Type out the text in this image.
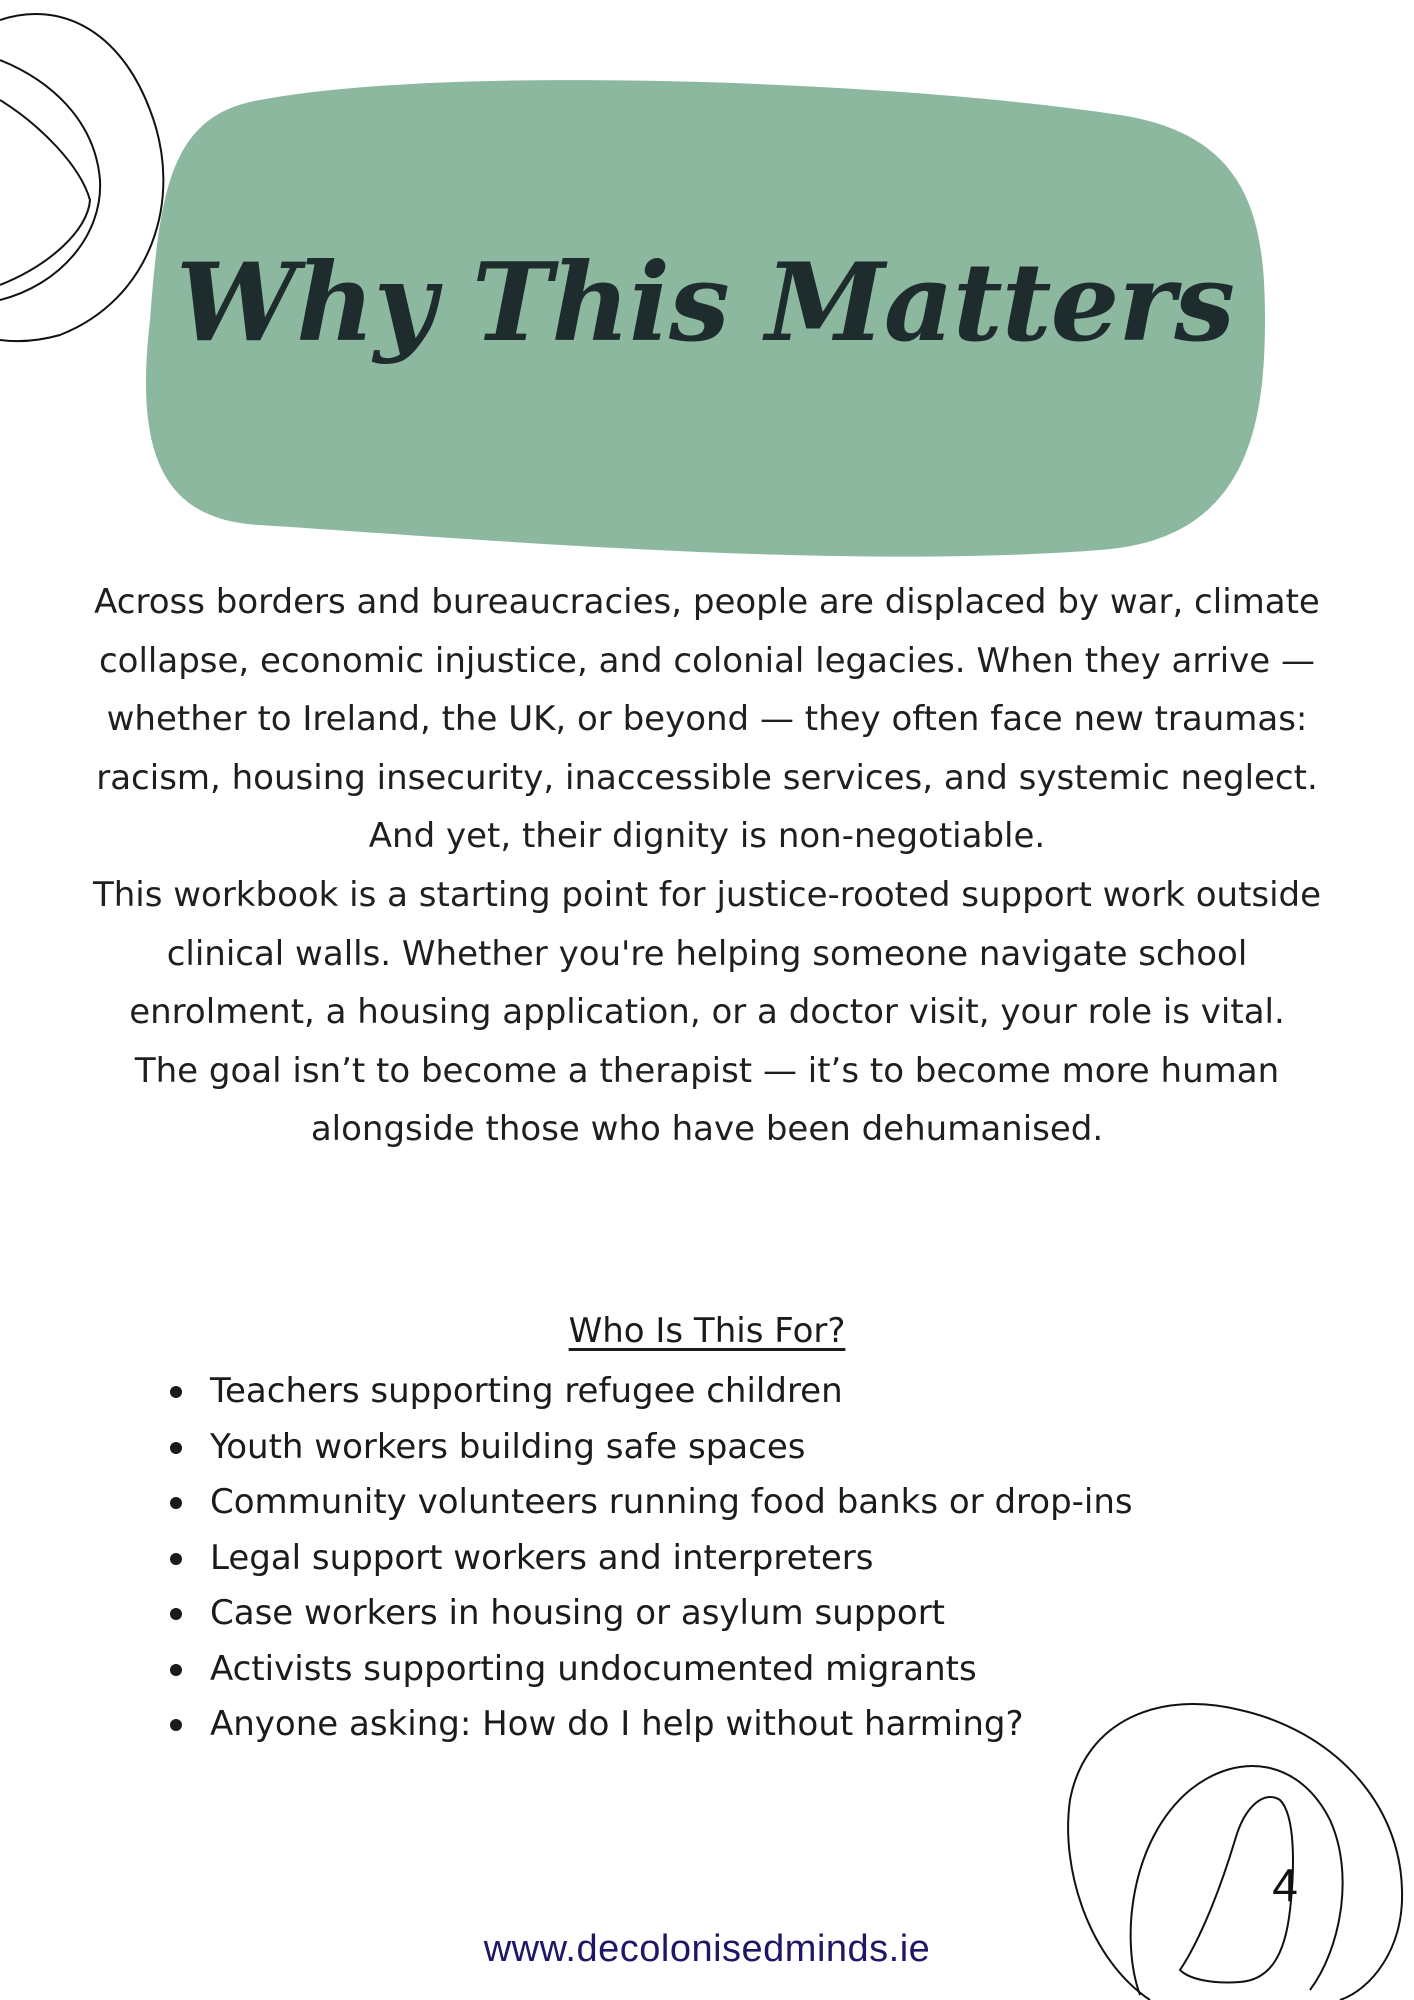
Why This Matters

Across borders and bureaucracies, people are displaced by war, climate collapse, economic injustice, and colonial legacies. When they arrive — whether to Ireland, the UK, or beyond — they often face new traumas: racism, housing insecurity, inaccessible services, and systemic neglect.

And yet, their dignity is non-negotiable.

This workbook is a starting point for justice-rooted support work outside clinical walls. Whether you're helping someone navigate school enrolment, a housing application, or a doctor visit, your role is vital.

The goal isn’t to become a therapist — it’s to become more human alongside those who have been dehumanised.

Who Is This For?
Teachers supporting refugee children
Youth workers building safe spaces
Community volunteers running food banks or drop-ins
Legal support workers and interpreters
Case workers in housing or asylum support
Activists supporting undocumented migrants
Anyone asking: How do I help without harming?
4
www.decolonisedminds.ie
